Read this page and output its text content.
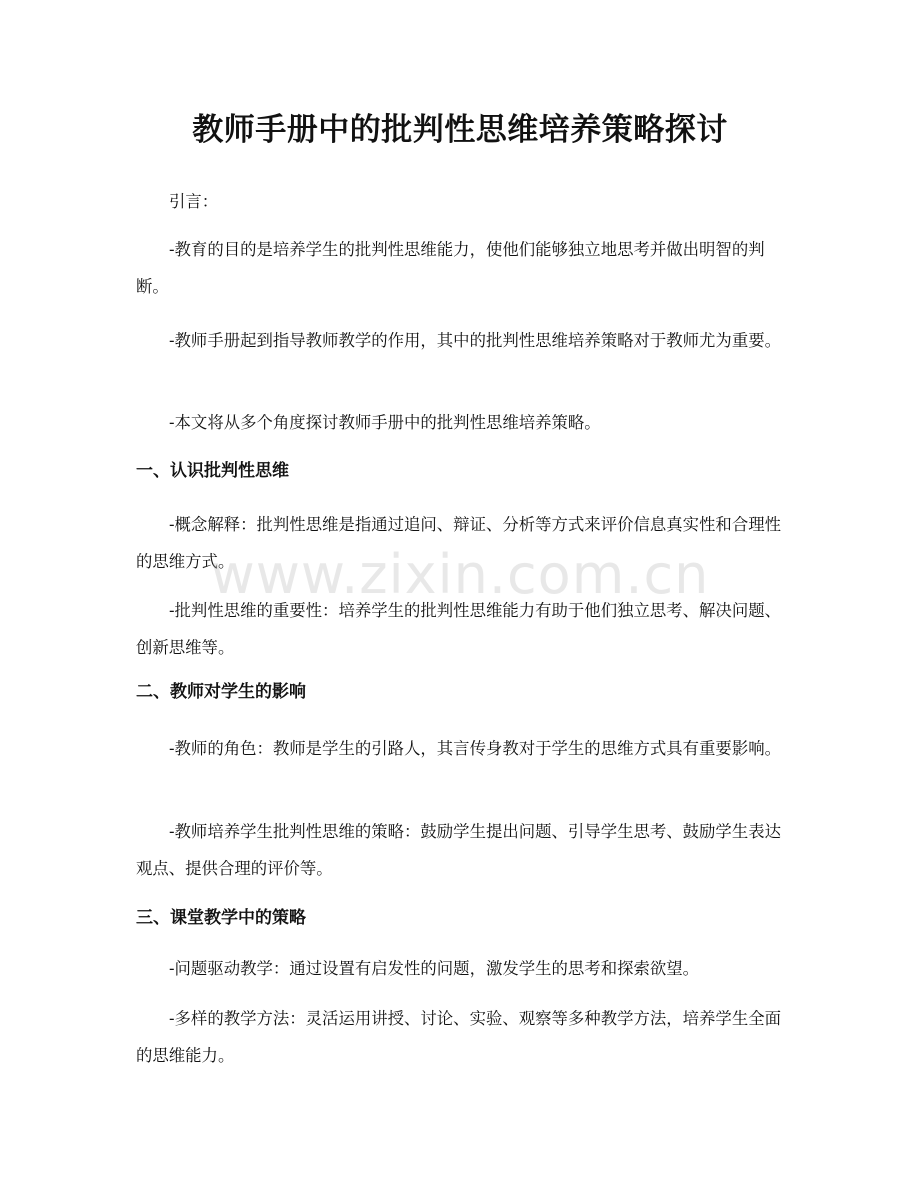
教师手册中的批判性思维培养策略探讨

引言：

-教育的目的是培养学生的批判性思维能力，使他们能够独立地思考并做出明智的判断。

-教师手册起到指导教师教学的作用，其中的批判性思维培养策略对于教师尤为重要。

-本文将从多个角度探讨教师手册中的批判性思维培养策略。

一、认识批判性思维

-概念解释：批判性思维是指通过追问、辩证、分析等方式来评价信息真实性和合理性的思维方式。

-批判性思维的重要性：培养学生的批判性思维能力有助于他们独立思考、解决问题、创新思维等。

二、教师对学生的影响

-教师的角色：教师是学生的引路人，其言传身教对于学生的思维方式具有重要影响。

-教师培养学生批判性思维的策略：鼓励学生提出问题、引导学生思考、鼓励学生表达观点、提供合理的评价等。

三、课堂教学中的策略

-问题驱动教学：通过设置有启发性的问题，激发学生的思考和探索欲望。

-多样的教学方法：灵活运用讲授、讨论、实验、观察等多种教学方法，培养学生全面的思维能力。

www.zixin.com.cn
